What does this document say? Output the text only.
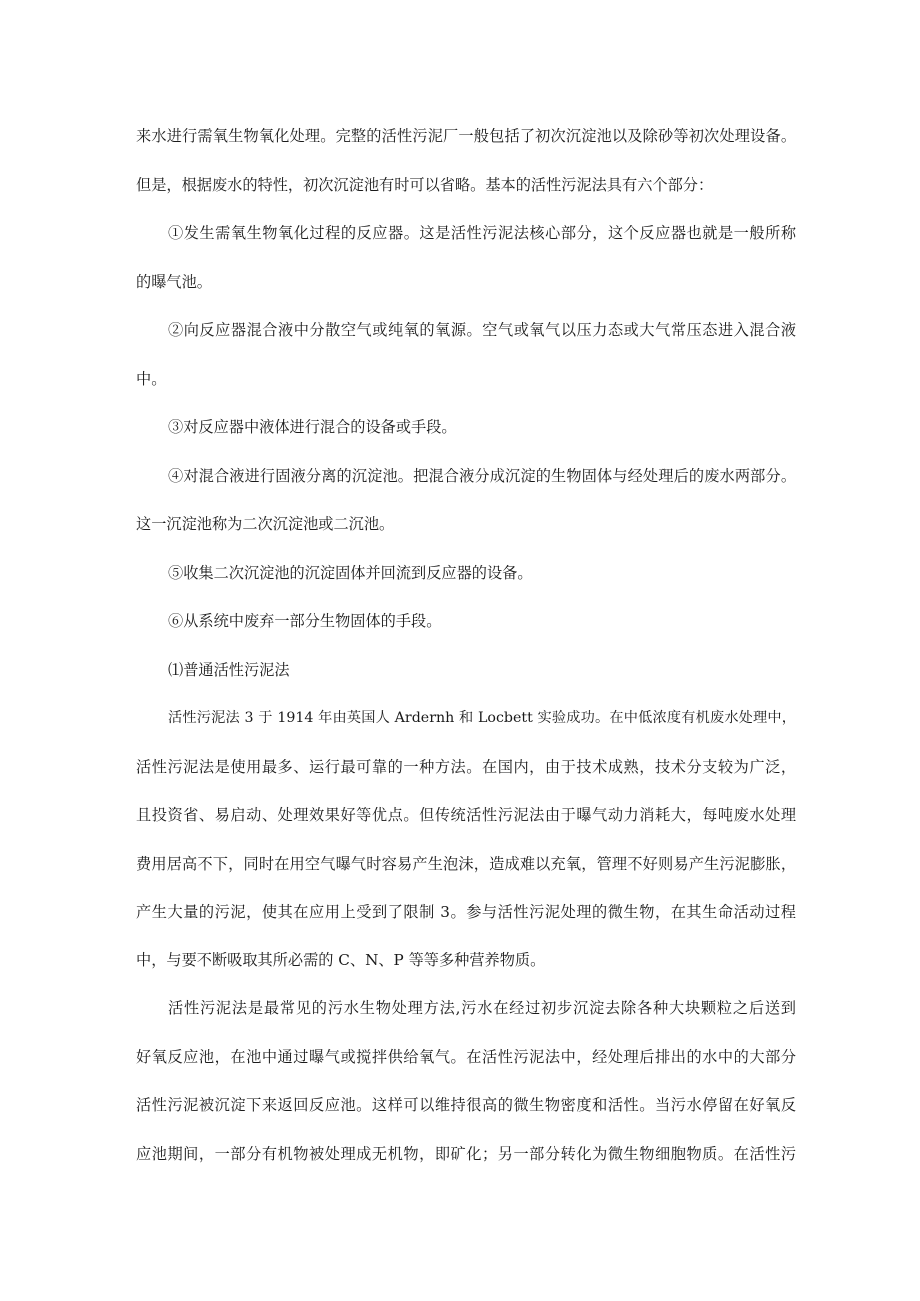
来水进行需氧生物氧化处理。完整的活性污泥厂一般包括了初次沉淀池以及除砂等初次处理设备。
但是，根据废水的特性，初次沉淀池有时可以省略。基本的活性污泥法具有六个部分：
①发生需氧生物氧化过程的反应器。这是活性污泥法核心部分，这个反应器也就是一般所称
的曝气池。
②向反应器混合液中分散空气或纯氧的氧源。空气或氧气以压力态或大气常压态进入混合液
中。
③对反应器中液体进行混合的设备或手段。
④对混合液进行固液分离的沉淀池。把混合液分成沉淀的生物固体与经处理后的废水两部分。
这一沉淀池称为二次沉淀池或二沉池。
⑤收集二次沉淀池的沉淀固体并回流到反应器的设备。
⑥从系统中废弃一部分生物固体的手段。
⑴普通活性污泥法
活性污泥法 3 于 1914 年由英国人 Ardernh 和 Locbett 实验成功。在中低浓度有机废水处理中，
活性污泥法是使用最多、运行最可靠的一种方法。在国内，由于技术成熟，技术分支较为广泛，
且投资省、易启动、处理效果好等优点。但传统活性污泥法由于曝气动力消耗大，每吨废水处理
费用居高不下，同时在用空气曝气时容易产生泡沫，造成难以充氧，管理不好则易产生污泥膨胀，
产生大量的污泥，使其在应用上受到了限制 3。参与活性污泥处理的微生物，在其生命活动过程
中，与要不断吸取其所必需的 C、N、P 等等多种营养物质。
活性污泥法是最常见的污水生物处理方法,污水在经过初步沉淀去除各种大块颗粒之后送到
好氧反应池，在池中通过曝气或搅拌供给氧气。在活性污泥法中，经处理后排出的水中的大部分
活性污泥被沉淀下来返回反应池。这样可以维持很高的微生物密度和活性。当污水停留在好氧反
应池期间，一部分有机物被处理成无机物，即矿化；另一部分转化为微生物细胞物质。在活性污
